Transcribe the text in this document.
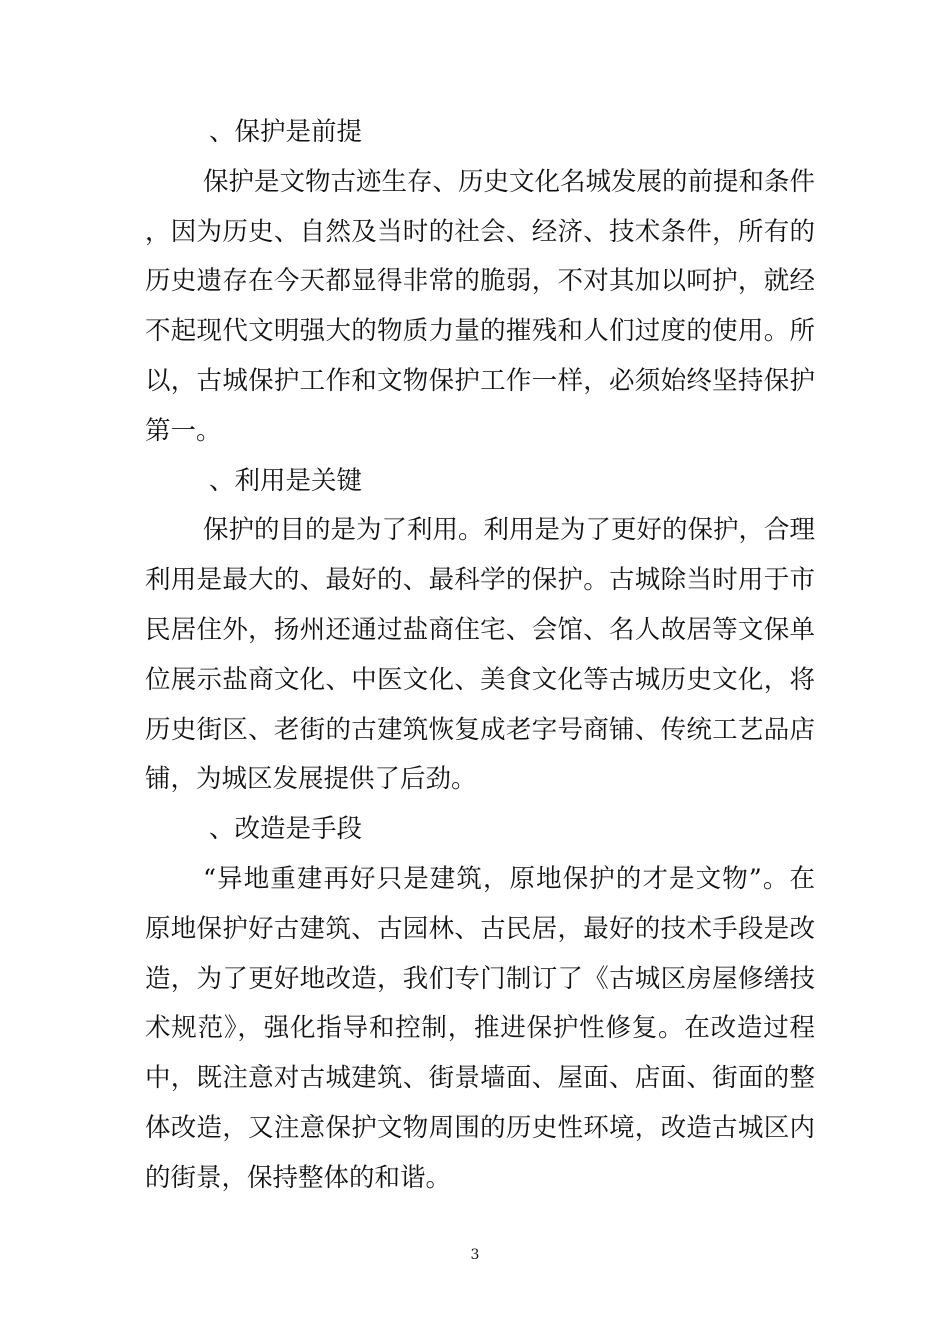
、保护是前提

保护是文物古迹生存、历史文化名城发展的前提和条件，因为历史、自然及当时的社会、经济、技术条件，所有的历史遗存在今天都显得非常的脆弱，不对其加以呵护，就经不起现代文明强大的物质力量的摧残和人们过度的使用。所以，古城保护工作和文物保护工作一样，必须始终坚持保护第一。

、利用是关键

保护的目的是为了利用。利用是为了更好的保护，合理利用是最大的、最好的、最科学的保护。古城除当时用于市民居住外，扬州还通过盐商住宅、会馆、名人故居等文保单位展示盐商文化、中医文化、美食文化等古城历史文化，将历史街区、老街的古建筑恢复成老字号商铺、传统工艺品店铺，为城区发展提供了后劲。

、改造是手段

“异地重建再好只是建筑，原地保护的才是文物”。在原地保护好古建筑、古园林、古民居，最好的技术手段是改造，为了更好地改造，我们专门制订了《古城区房屋修缮技术规范》，强化指导和控制，推进保护性修复。在改造过程中，既注意对古城建筑、街景墙面、屋面、店面、街面的整体改造，又注意保护文物周围的历史性环境，改造古城区内的街景，保持整体的和谐。

3
